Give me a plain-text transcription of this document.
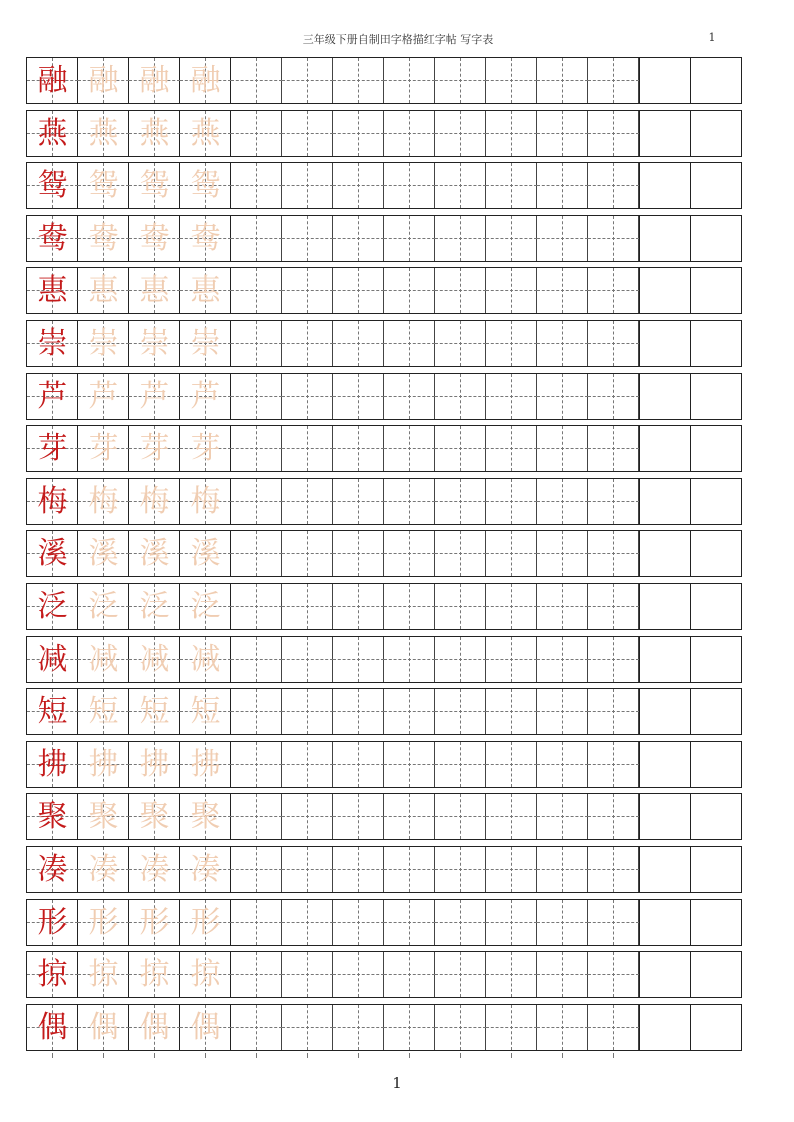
三年级下册自制田字格描红字帖 写字表	1
融 融 融 融
燕 燕 燕 燕
鸳 鸳 鸳 鸳
鸯 鸯 鸯 鸯
惠 惠 惠 惠
崇 崇 崇 崇
芦 芦 芦 芦
芽 芽 芽 芽
梅 梅 梅 梅
溪 溪 溪 溪
泛 泛 泛 泛
减 减 减 减
短 短 短 短
拂 拂 拂 拂
聚 聚 聚 聚
凑 凑 凑 凑
形 形 形 形
掠 掠 掠 掠
偶 偶 偶 偶
1
